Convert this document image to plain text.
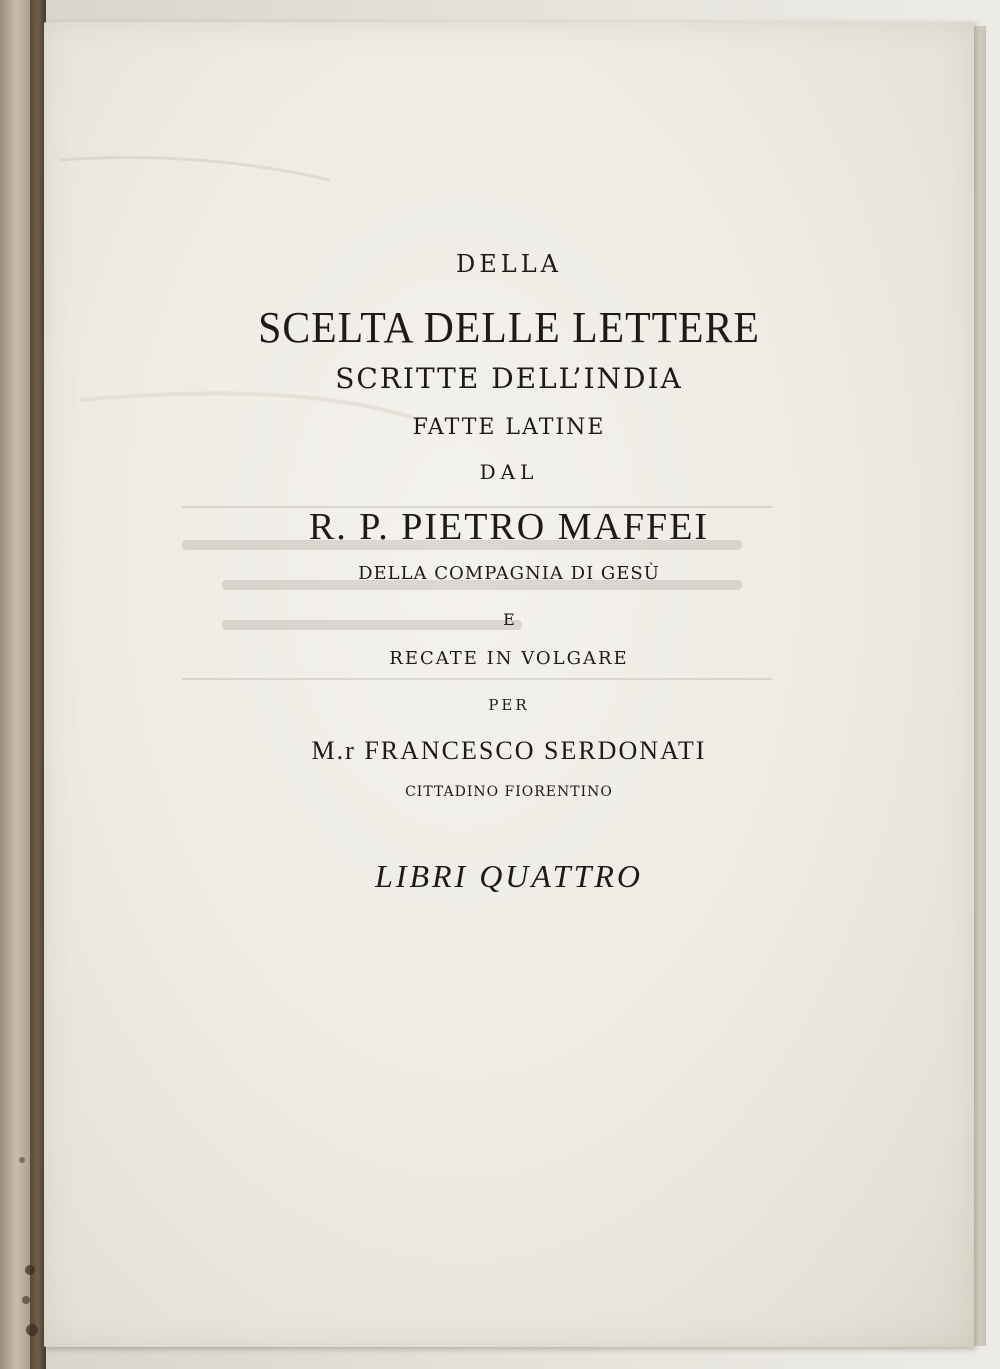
DELLA
SCELTA DELLE LETTERE
SCRITTE DELL’INDIA
FATTE LATINE
DAL
R. P. PIETRO MAFFEI
DELLA COMPAGNIA DI GESÙ
E
RECATE IN VOLGARE
PER
M.r FRANCESCO SERDONATI
CITTADINO FIORENTINO
LIBRI QUATTRO
